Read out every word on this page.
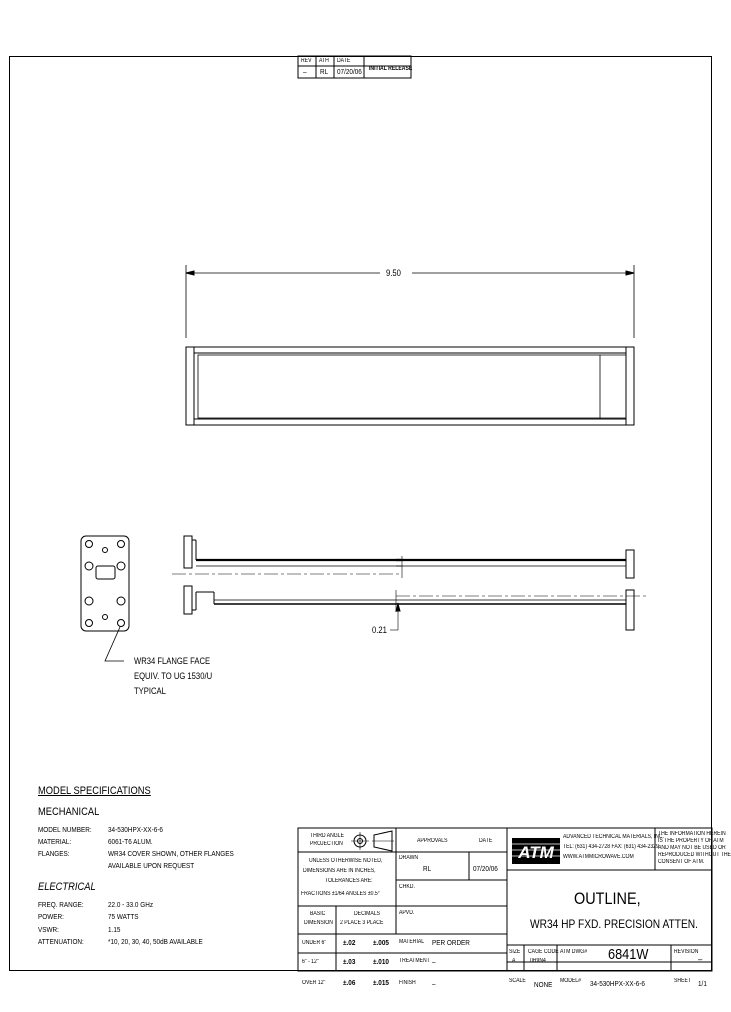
ATM
REV ATH DATE
– RL 07/20/06 INITIAL RELEASE
9.50
0.21
WR34 FLANGE FACE
EQUIV. TO UG 1530/U
TYPICAL
MODEL SPECIFICATIONS
MECHANICAL
MODEL NUMBER: 34-530HPX-XX-6-6
MATERIAL:	6061-T6 ALUM.
FLANGES:	WR34 COVER SHOWN, OTHER FLANGES
AVAILABLE UPON REQUEST
ELECTRICAL
FREQ. RANGE:	22.0 - 33.0 GHz
POWER:	75 WATTS
VSWR:	1.15
ATTENUATION:	*10, 20, 30, 40, 50dB AVAILABLE
THIRD ANGLE
PROJECTION	APPROVALS	DATE
DRAWN
RL	07/20/06
CHKD.
APVD.
UNLESS OTHERWISE NOTED,
DIMENSIONS ARE IN INCHES,
TOLERANCES ARE:
FRACTIONS ±1/64 ANGLES ±0.5°
BASIC
DIMENSION
DECIMALS
2 PLACE 3 PLACE
UNDER 6" ±.02 ±.005
6" - 12"	±.03 ±.010
OVER 12" ±.06 ±.015
MATERIAL PER ORDER
TREATMENT –
FINISH –
ADVANCED TECHNICAL MATERIALS, INC.
TEL: (631) 434-2728 FAX: (631) 434-2329
WWW.ATMMICROWAVE.COM
THE INFORMATION HEREIN
IS THE PROPERTY OF ATM
AND MAY NOT BE USED OR
REPRODUCED WITHOUT THE
CONSENT OF ATM.
OUTLINE,
WR34 HP FXD. PRECISION ATTEN.
SIZE
A
CAGE CODE
0R9N4
ATM DWG# 6841W	REVISION
–
SCALE NONE MODEL# 34-530HPX-XX-6-6	SHEET 1/1
